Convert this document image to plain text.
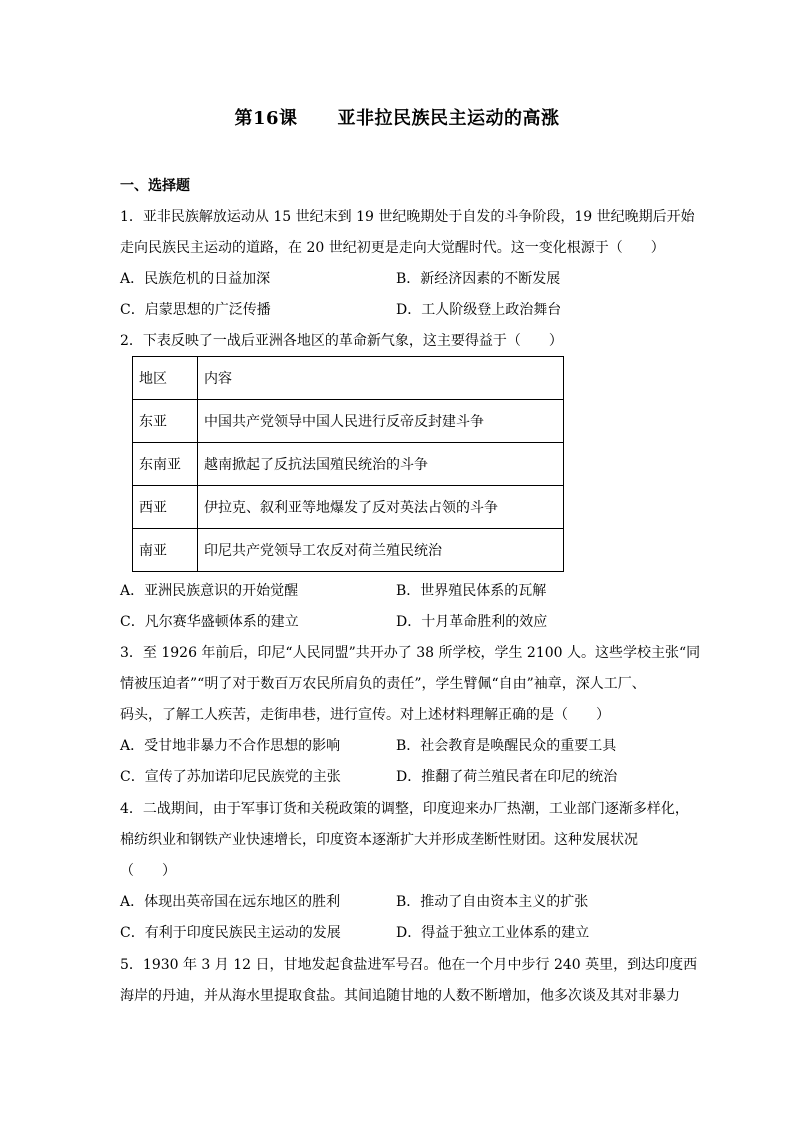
第16课 亚非拉民族民主运动的高涨
一、选择题
1．亚非民族解放运动从 15 世纪末到 19 世纪晚期处于自发的斗争阶段，19 世纪晚期后开始
走向民族民主运动的道路，在 20 世纪初更是走向大觉醒时代。这一变化根源于（　　）
A．民族危机的日益加深	B．新经济因素的不断发展
C．启蒙思想的广泛传播	D．工人阶级登上政治舞台
2．下表反映了一战后亚洲各地区的革命新气象，这主要得益于（　　）
地区	内容
东亚	中国共产党领导中国人民进行反帝反封建斗争
东南亚	越南掀起了反抗法国殖民统治的斗争
西亚	伊拉克、叙利亚等地爆发了反对英法占领的斗争
南亚	印尼共产党领导工农反对荷兰殖民统治
A．亚洲民族意识的开始觉醒	B．世界殖民体系的瓦解
C．凡尔赛华盛顿体系的建立	D．十月革命胜利的效应
3．至 1926 年前后，印尼“人民同盟”共开办了 38 所学校，学生 2100 人。这些学校主张“同
情被压迫者”“明了对于数百万农民所肩负的责任”，学生臂佩“自由”袖章，深人工厂、
码头，了解工人疾苦，走街串巷，进行宣传。对上述材料理解正确的是（　　）
A．受甘地非暴力不合作思想的影响	B．社会教育是唤醒民众的重要工具
C．宣传了苏加诺印尼民族党的主张	D．推翻了荷兰殖民者在印尼的统治
4．二战期间，由于军事订货和关税政策的调整，印度迎来办厂热潮，工业部门逐渐多样化，
棉纺织业和钢铁产业快速增长，印度资本逐渐扩大并形成垄断性财团。这种发展状况
（　　）
A．体现出英帝国在远东地区的胜利	B．推动了自由资本主义的扩张
C．有利于印度民族民主运动的发展	D．得益于独立工业体系的建立
5．1930 年 3 月 12 日，甘地发起食盐进军号召。他在一个月中步行 240 英里，到达印度西
海岸的丹迪，并从海水里提取食盐。其间追随甘地的人数不断增加，他多次谈及其对非暴力
